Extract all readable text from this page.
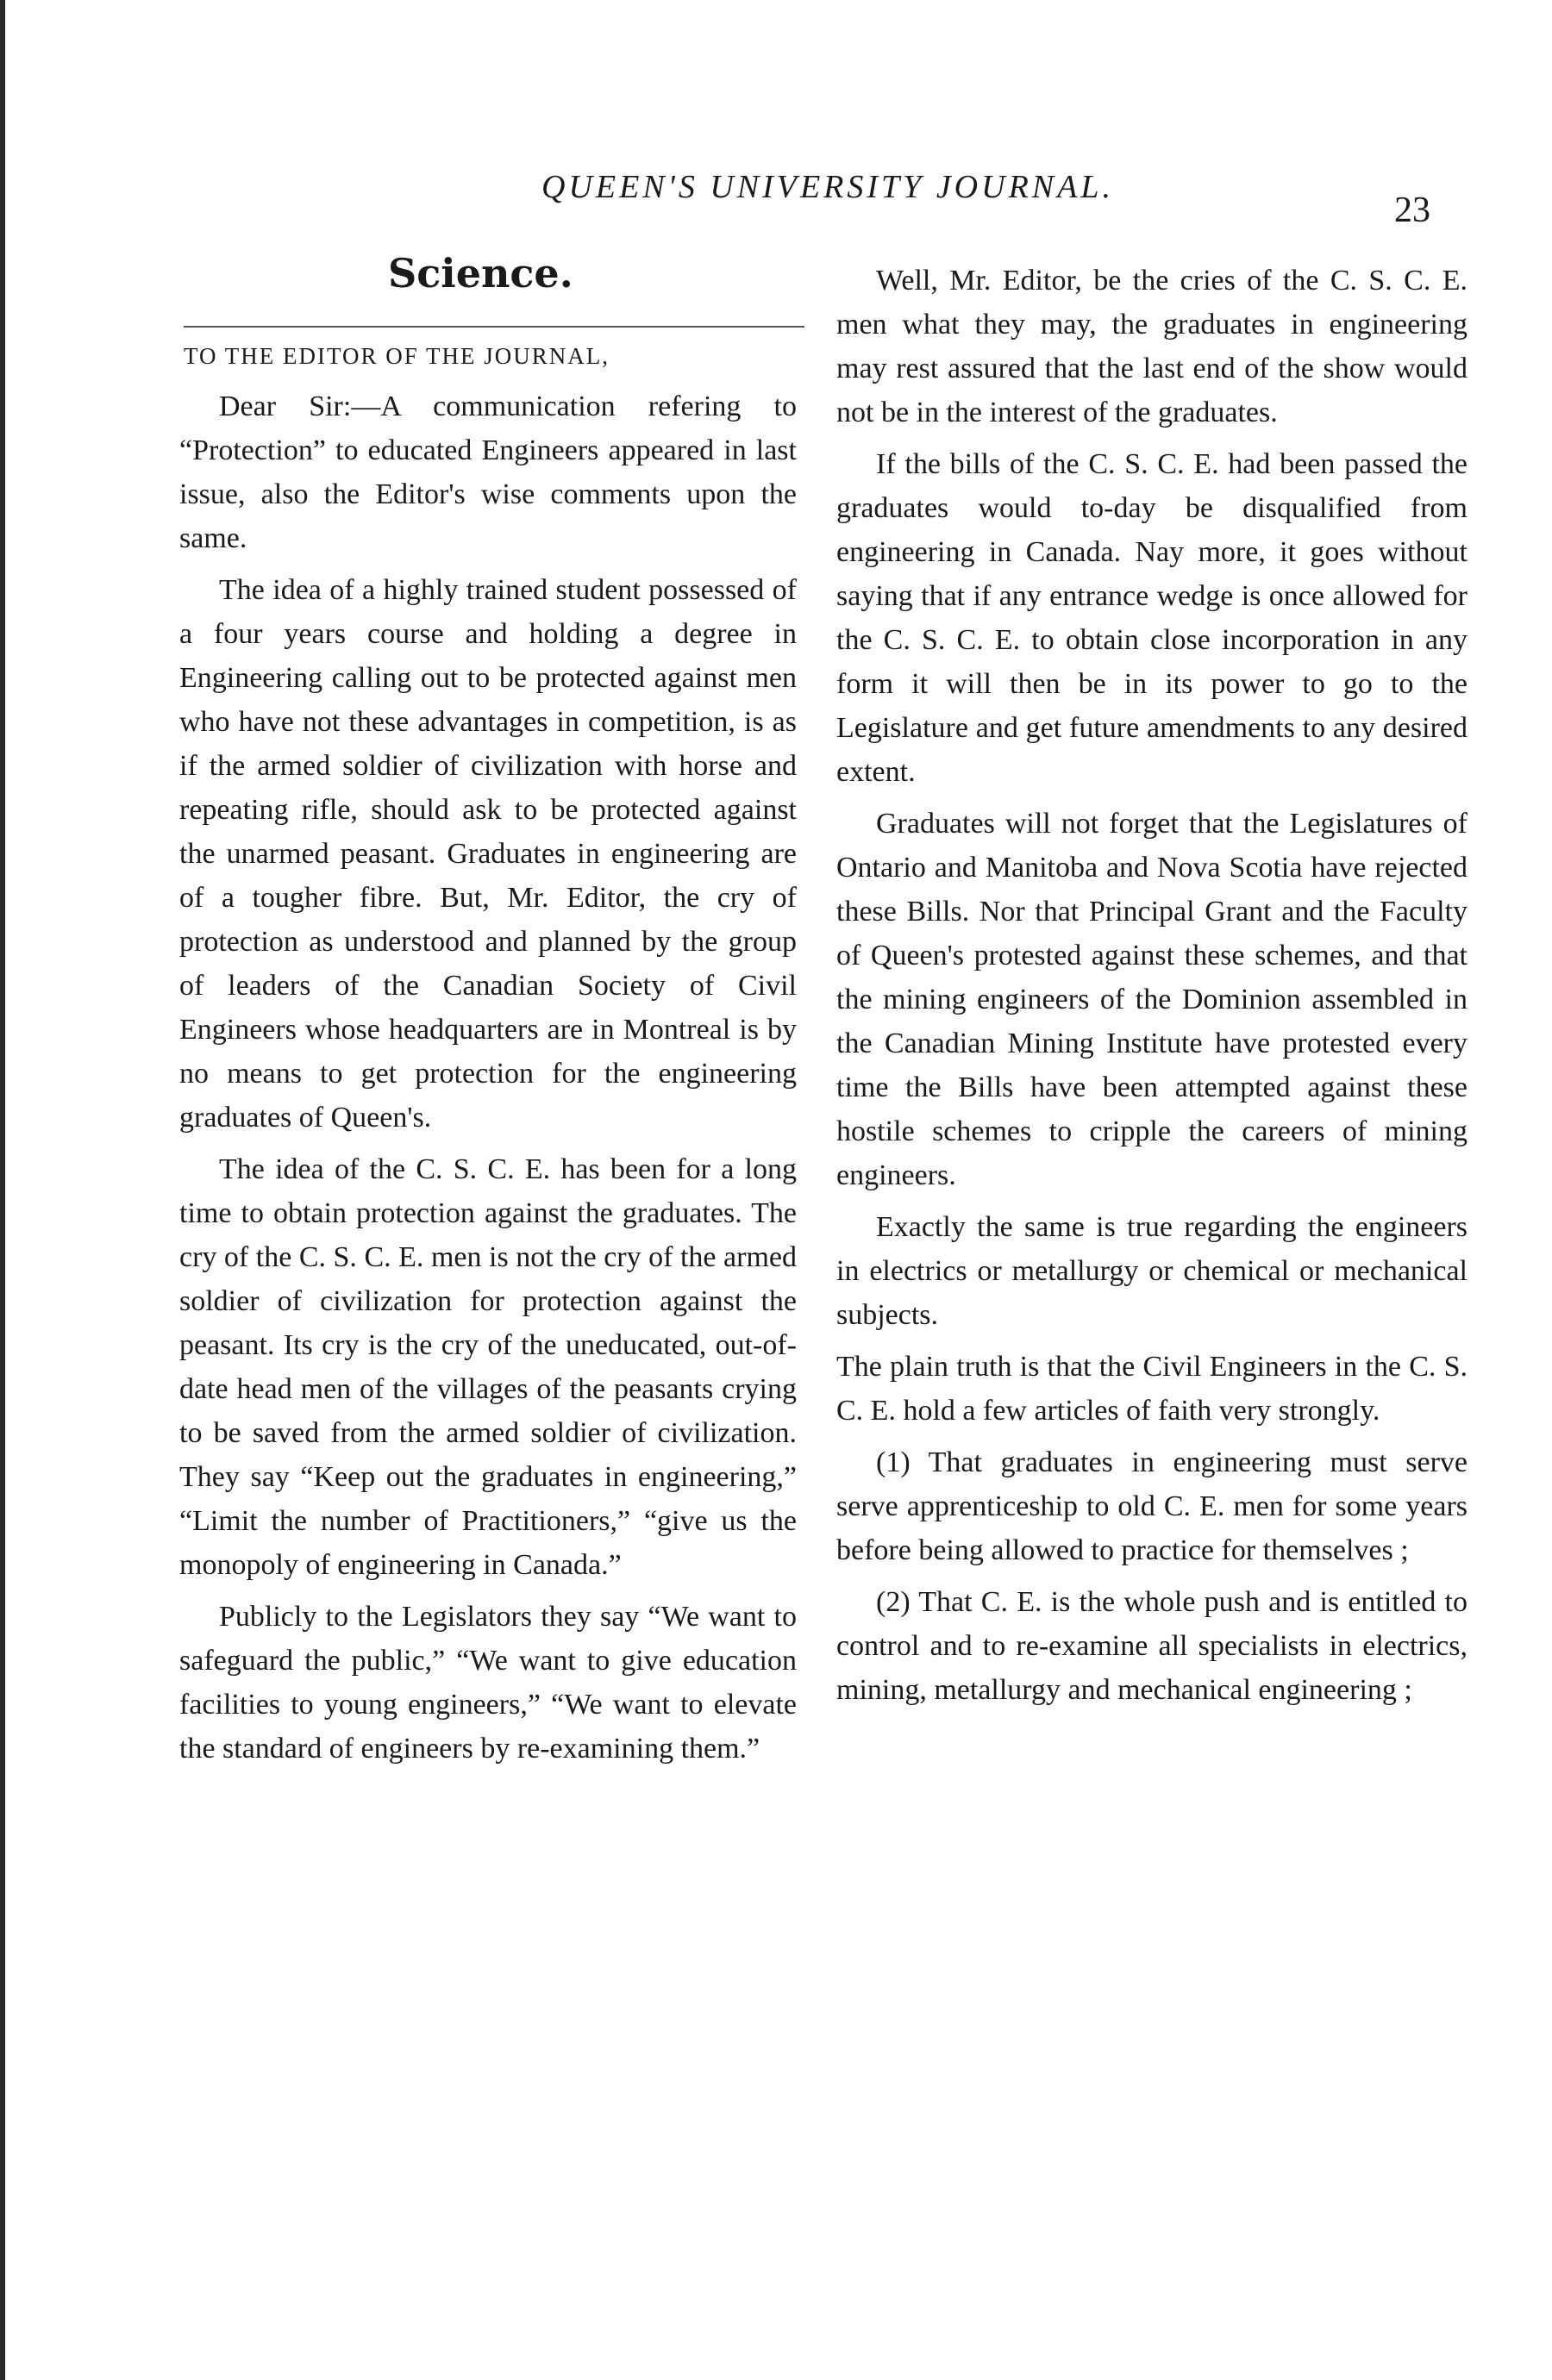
QUEEN'S UNIVERSITY JOURNAL.
23
Science.
TO THE EDITOR OF THE JOURNAL,

Dear Sir:—A communication refering to “Protection” to educated Engineers appeared in last issue, also the Editor's wise comments upon the same.

The idea of a highly trained student possessed of a four years course and holding a degree in Engineering calling out to be protected against men who have not these advantages in competition, is as if the armed soldier of civilization with horse and repeating rifle, should ask to be protected against the unarmed peasant. Graduates in engineering are of a tougher fibre. But, Mr. Editor, the cry of protection as understood and planned by the group of leaders of the Canadian Society of Civil Engineers whose headquarters are in Montreal is by no means to get protection for the engineering graduates of Queen's.

The idea of the C. S. C. E. has been for a long time to obtain protection against the graduates. The cry of the C. S. C. E. men is not the cry of the armed soldier of civilization for protection against the peasant. Its cry is the cry of the uneducated, out-of-date head men of the villages of the peasants crying to be saved from the armed soldier of civilization. They say “Keep out the graduates in engineering,” “Limit the number of Practitioners,” “give us the monopoly of engineering in Canada.”

Publicly to the Legislators they say “We want to safeguard the public,” “We want to give education facilities to young engineers,” “We want to elevate the standard of engineers by re-examining them.”

Well, Mr. Editor, be the cries of the C. S. C. E. men what they may, the graduates in engineering may rest assured that the last end of the show would not be in the interest of the graduates.

If the bills of the C. S. C. E. had been passed the graduates would to-day be disqualified from engineering in Canada. Nay more, it goes without saying that if any entrance wedge is once allowed for the C. S. C. E. to obtain close incorporation in any form it will then be in its power to go to the Legislature and get future amendments to any desired extent.

Graduates will not forget that the Legislatures of Ontario and Manitoba and Nova Scotia have rejected these Bills. Nor that Principal Grant and the Faculty of Queen's protested against these schemes, and that the mining engineers of the Dominion assembled in the Canadian Mining Institute have protested every time the Bills have been attempted against these hostile schemes to cripple the careers of mining engineers.

Exactly the same is true regarding the engineers in electrics or metallurgy or chemical or mechanical subjects.

The plain truth is that the Civil Engineers in the C. S. C. E. hold a few articles of faith very strongly.

(1) That graduates in engineering must serve serve apprenticeship to old C. E. men for some years before being allowed to practice for themselves ;

(2) That C. E. is the whole push and is entitled to control and to re-examine all specialists in electrics, mining, metallurgy and mechanical engineering ;
